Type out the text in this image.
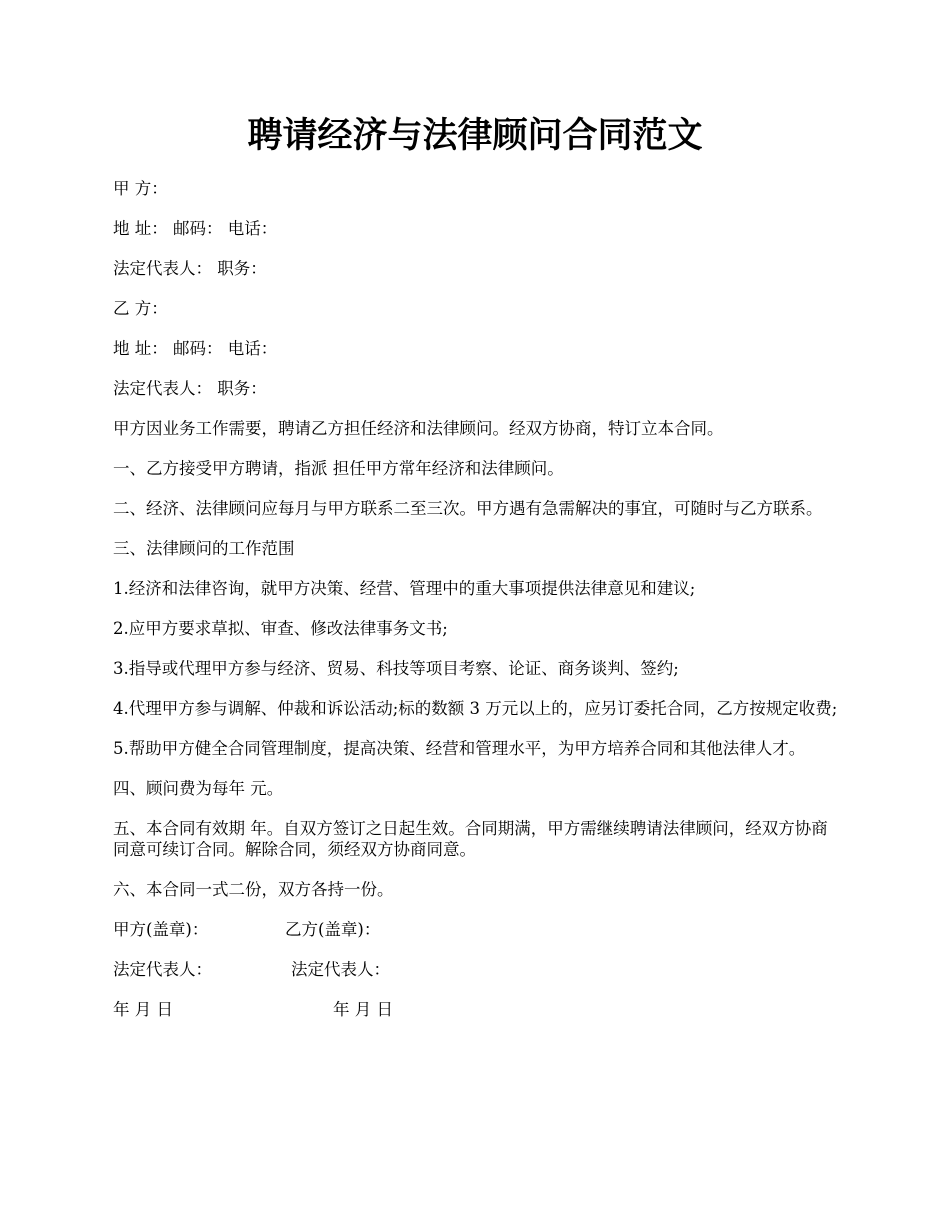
聘请经济与法律顾问合同范文

甲 方：

地 址： 邮码： 电话：

法定代表人： 职务：

乙 方：

地 址： 邮码： 电话：

法定代表人： 职务：

甲方因业务工作需要，聘请乙方担任经济和法律顾问。经双方协商，特订立本合同。

一、乙方接受甲方聘请，指派 担任甲方常年经济和法律顾问。

二、经济、法律顾问应每月与甲方联系二至三次。甲方遇有急需解决的事宜，可随时与乙方联系。

三、法律顾问的工作范围

1.经济和法律咨询，就甲方决策、经营、管理中的重大事项提供法律意见和建议;

2.应甲方要求草拟、审查、修改法律事务文书;

3.指导或代理甲方参与经济、贸易、科技等项目考察、论证、商务谈判、签约;

4.代理甲方参与调解、仲裁和诉讼活动;标的数额 3 万元以上的，应另订委托合同，乙方按规定收费;

5.帮助甲方健全合同管理制度，提高决策、经营和管理水平，为甲方培养合同和其他法律人才。

四、顾问费为每年 元。

五、本合同有效期 年。自双方签订之日起生效。合同期满，甲方需继续聘请法律顾问，经双方协商同意可续订合同。解除合同，须经双方协商同意。

六、本合同一式二份，双方各持一份。

甲方(盖章)：	乙方(盖章)：
法定代表人：	法定代表人：
年 月 日	年 月 日
